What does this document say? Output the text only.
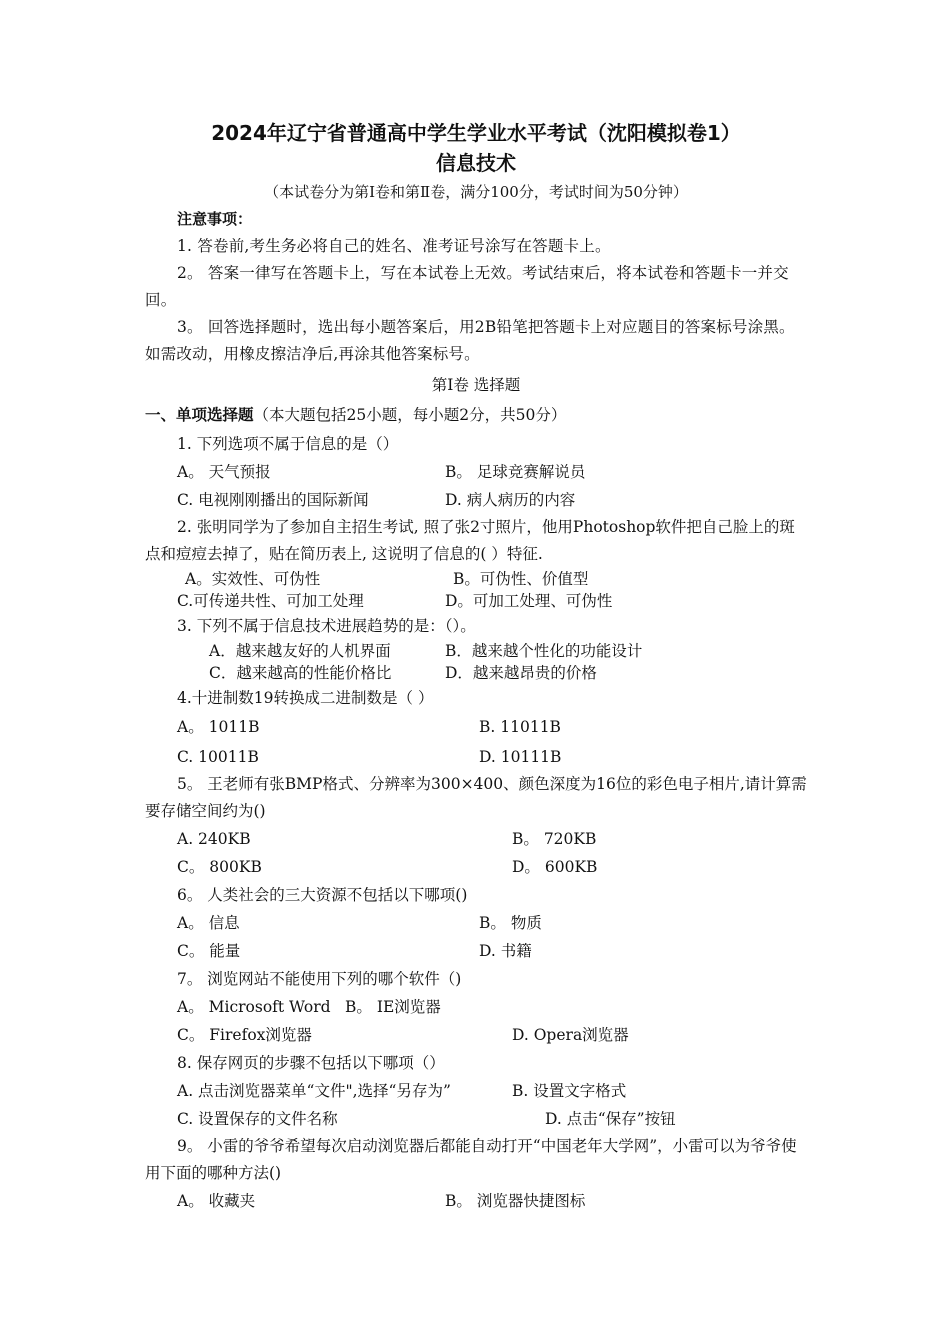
2024年辽宁省普通高中学生学业水平考试（沈阳模拟卷1）
信息技术
（本试卷分为第Ⅰ卷和第Ⅱ卷，满分100分，考试时间为50分钟）
注意事项：

1. 答卷前,考生务必将自己的姓名、准考证号涂写在答题卡上。

2。 答案一律写在答题卡上，写在本试卷上无效。考试结束后，将本试卷和答题卡一并交回。

3。 回答选择题时，选出每小题答案后，用2B铅笔把答题卡上对应题目的答案标号涂黑。如需改动，用橡皮擦洁净后,再涂其他答案标号。

第Ⅰ卷 选择题
一、单项选择题（本大题包括25小题，每小题2分，共50分）
1. 下列选项不属于信息的是（）
A。 天气预报	B。 足球竞赛解说员
C. 电视刚刚播出的国际新闻	D. 病人病历的内容

2. 张明同学为了参加自主招生考试, 照了张2寸照片，他用Photoshop软件把自己脸上的斑点和痘痘去掉了，贴在简历表上, 这说明了信息的( ）特征.

A。实效性、可伪性	B。可伪性、价值型
C.可传递共性、可加工处理	D。可加工处理、可伪性
3. 下列不属于信息技术进展趋势的是：（）。
A．越来越友好的人机界面	B．越来越个性化的功能设计
C．越来越高的性能价格比	D．越来越昂贵的价格
4.十进制数19转换成二进制数是（ ）
A。 1011B	B. 11011B
C. 10011B	D. 10111B

5。 王老师有张BMP格式、分辨率为300×400、颜色深度为16位的彩色电子相片,请计算需要存储空间约为()

A. 240KB	B。 720KB
C。 800KB	D。 600KB
6。 人类社会的三大资源不包括以下哪项()
A。 信息	B。 物质
C。 能量	D. 书籍
7。 浏览网站不能使用下列的哪个软件（)
A。 Microsoft Word B。 IE浏览器
C。 Firefox浏览器	D. Opera浏览器
8. 保存网页的步骤不包括以下哪项（）
A. 点击浏览器菜单“文件",选择“另存为”	B. 设置文字格式
C. 设置保存的文件名称	D. 点击“保存”按钮

9。 小雷的爷爷希望每次启动浏览器后都能自动打开“中国老年大学网”，小雷可以为爷爷使用下面的哪种方法()

A。 收藏夹	B。 浏览器快捷图标
